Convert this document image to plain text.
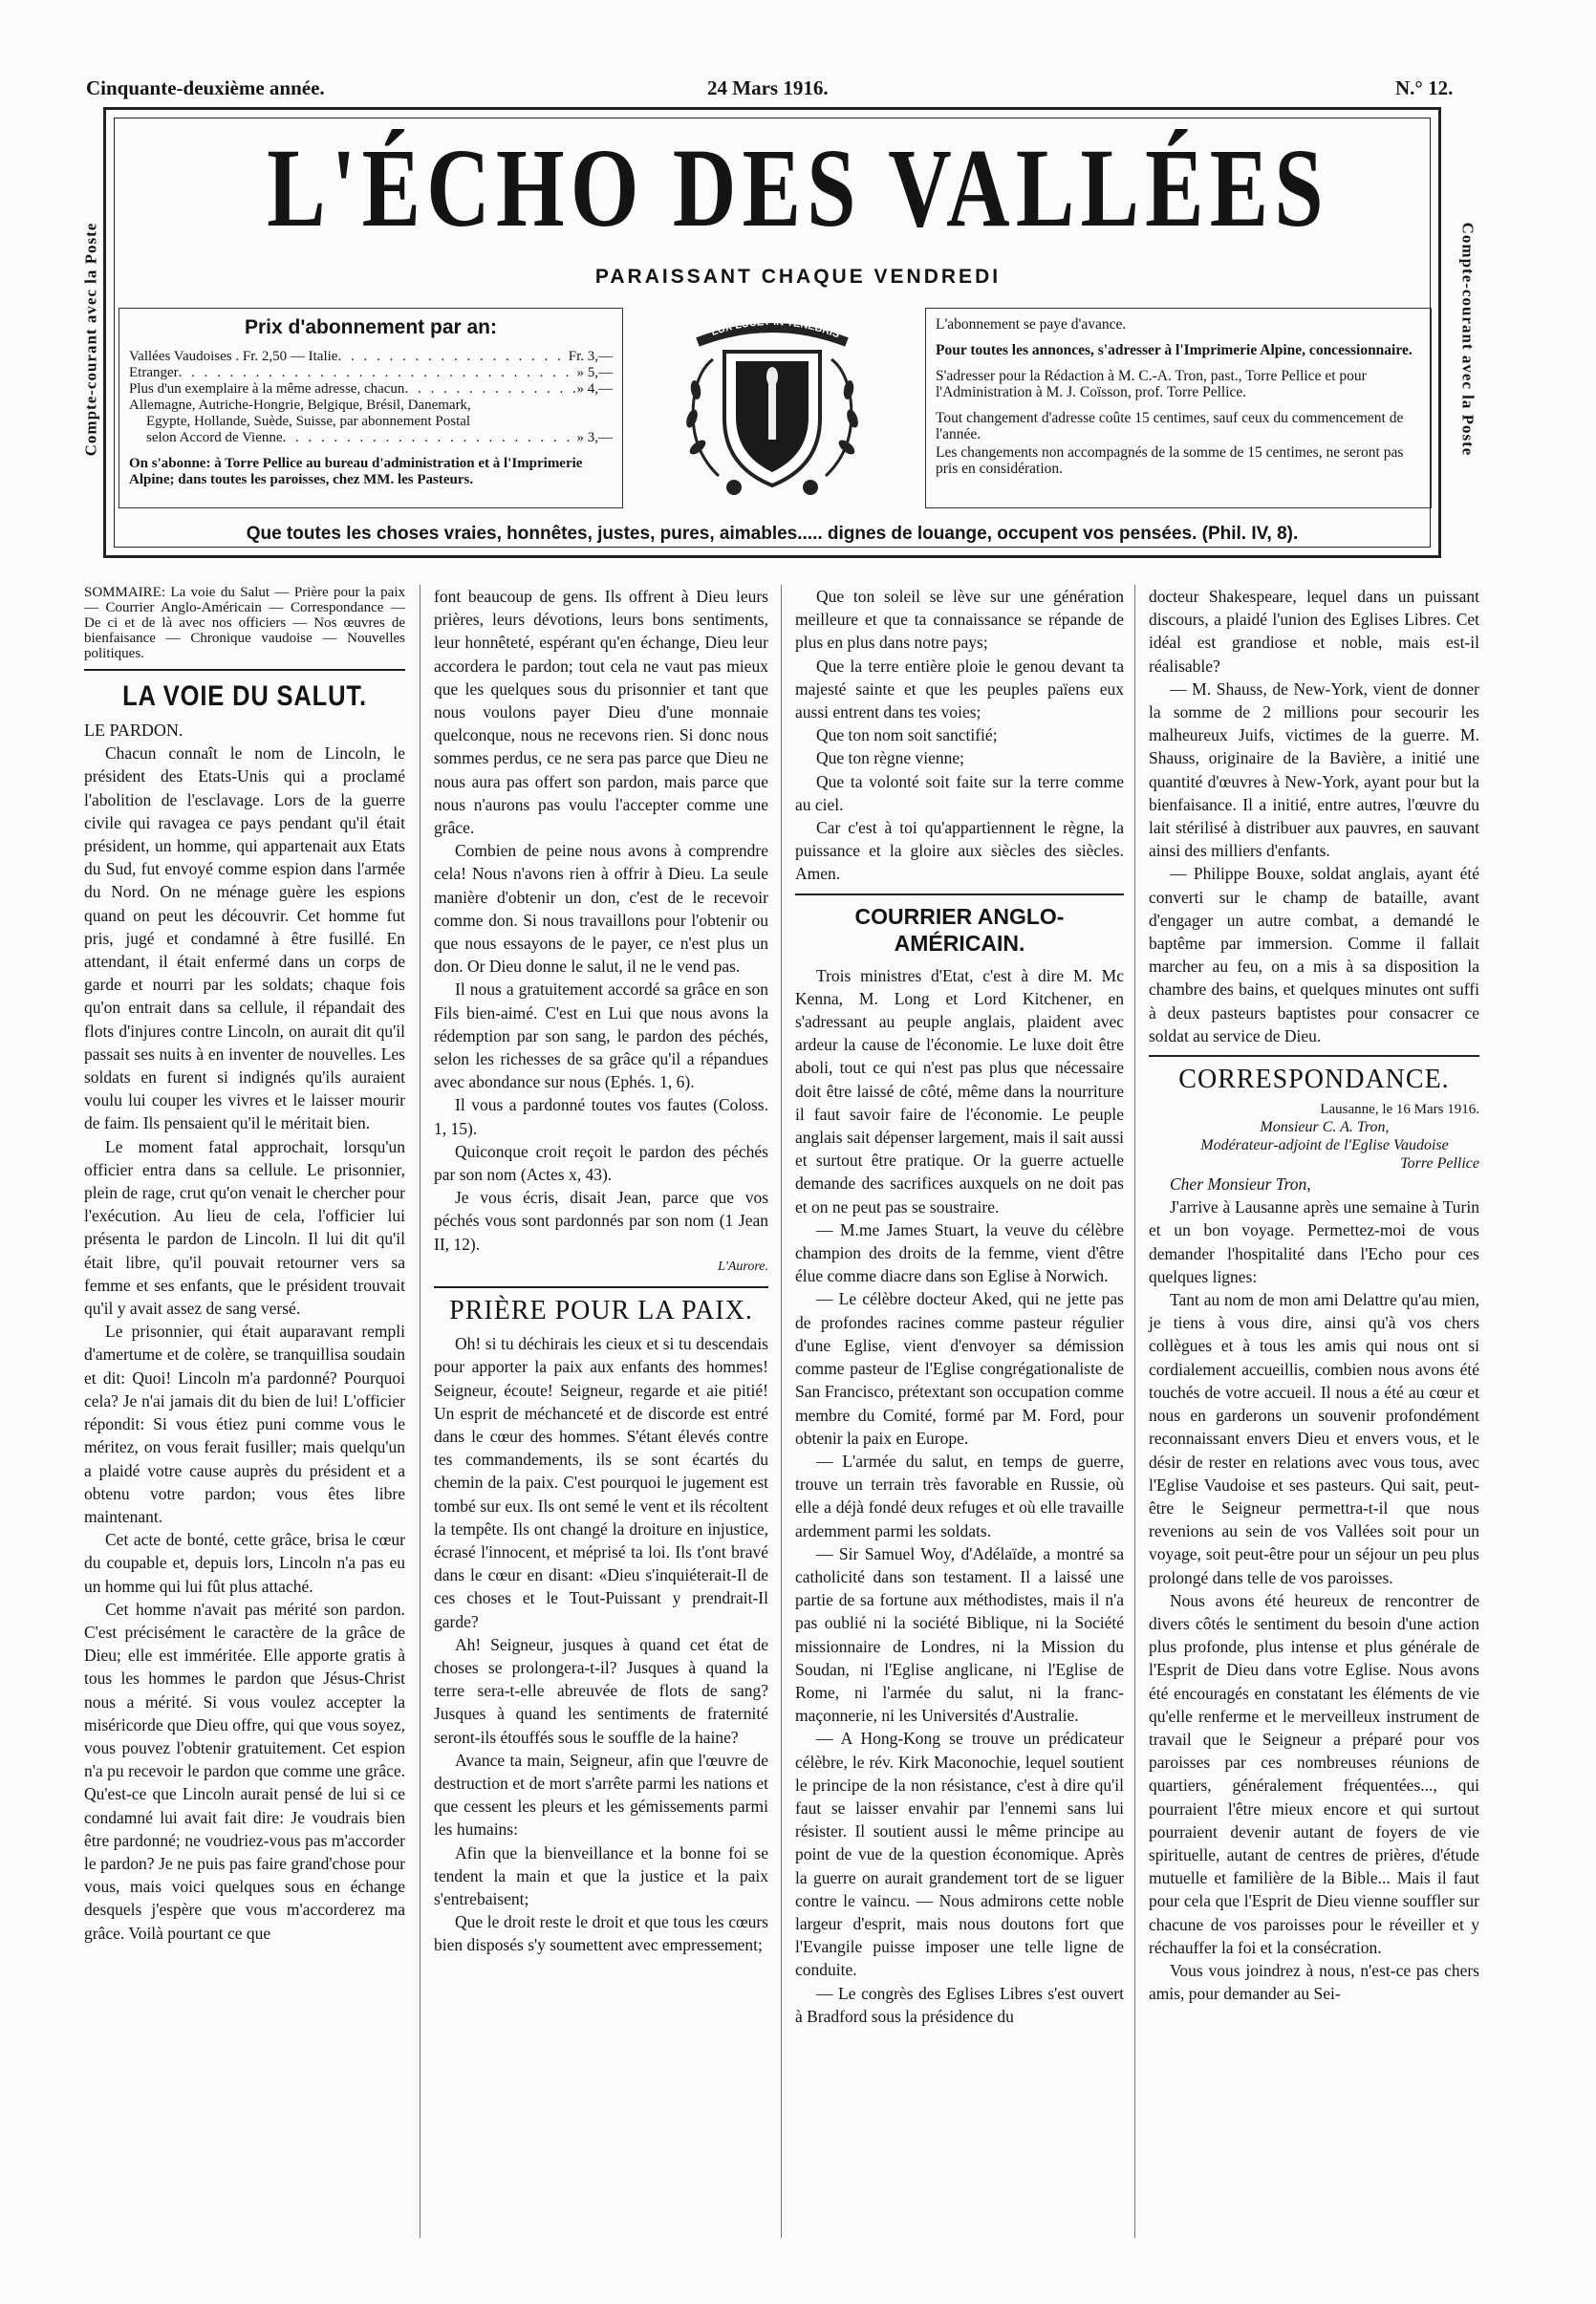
Cinquante-deuxième année.	24 Mars 1916.	N.° 12.
Compte-courant avec la Poste	Compte-courant avec la Poste
L'ÉCHO DES VALLÉES
PARAISSANT CHAQUE VENDREDI
Prix d'abonnement par an:
Vallées Vaudoises . Fr. 2,50 — Italie . . .	Fr. 3,—
Etranger . . .	» 5,—
Plus d'un exemplaire à la même adresse, chacun . . .	» 4,—
Allemagne, Autriche-Hongrie, Belgique, Brésil, Danemark,
Egypte, Hollande, Suède, Suisse, par abonnement Postal
selon Accord de Vienne . . .	» 3,—
On s'abonne: à Torre Pellice au bureau d'administration et à l'Imprimerie Alpine; dans toutes les paroisses, chez MM. les Pasteurs.
LUX LUCET IN TENEBRIS

L'abonnement se paye d'avance.

Pour toutes les annonces, s'adresser à l'Imprimerie Alpine, concessionnaire.

S'adresser pour la Rédaction à M. C.-A. Tron, past., Torre Pellice et pour l'Administration à M. J. Coïsson, prof. Torre Pellice.

Tout changement d'adresse coûte 15 centimes, sauf ceux du commencement de l'année.

Les changements non accompagnés de la somme de 15 centimes, ne seront pas pris en considération.

Que toutes les choses vraies, honnêtes, justes, pures, aimables..... dignes de louange, occupent vos pensées. (Phil. IV, 8).

SOMMAIRE: La voie du Salut — Prière pour la paix — Courrier Anglo-Américain — Correspondance — De ci et de là avec nos officiers — Nos œuvres de bienfaisance — Chronique vaudoise — Nouvelles politiques.

LA VOIE DU SALUT.

LE PARDON.

Chacun connaît le nom de Lincoln, le président des Etats-Unis qui a proclamé l'abolition de l'esclavage. Lors de la guerre civile qui ravagea ce pays pendant qu'il était président, un homme, qui appartenait aux Etats du Sud, fut envoyé comme espion dans l'armée du Nord. On ne ménage guère les espions quand on peut les découvrir. Cet homme fut pris, jugé et condamné à être fusillé. En attendant, il était enfermé dans un corps de garde et nourri par les soldats; chaque fois qu'on entrait dans sa cellule, il répandait des flots d'injures contre Lincoln, on aurait dit qu'il passait ses nuits à en inventer de nouvelles. Les soldats en furent si indignés qu'ils auraient voulu lui couper les vivres et le laisser mourir de faim. Ils pensaient qu'il le méritait bien.

Le moment fatal approchait, lorsqu'un officier entra dans sa cellule. Le prisonnier, plein de rage, crut qu'on venait le chercher pour l'exécution. Au lieu de cela, l'officier lui présenta le pardon de Lincoln. Il lui dit qu'il était libre, qu'il pouvait retourner vers sa femme et ses enfants, que le président trouvait qu'il y avait assez de sang versé.

Le prisonnier, qui était auparavant rempli d'amertume et de colère, se tranquillisa soudain et dit: Quoi! Lincoln m'a pardonné? Pourquoi cela? Je n'ai jamais dit du bien de lui! L'officier répondit: Si vous étiez puni comme vous le méritez, on vous ferait fusiller; mais quelqu'un a plaidé votre cause auprès du président et a obtenu votre pardon; vous êtes libre maintenant.

Cet acte de bonté, cette grâce, brisa le cœur du coupable et, depuis lors, Lincoln n'a pas eu un homme qui lui fût plus attaché.

Cet homme n'avait pas mérité son pardon. C'est précisément le caractère de la grâce de Dieu; elle est imméritée. Elle apporte gratis à tous les hommes le pardon que Jésus-Christ nous a mérité. Si vous voulez accepter la miséricorde que Dieu offre, qui que vous soyez, vous pouvez l'obtenir gratuitement. Cet espion n'a pu recevoir le pardon que comme une grâce. Qu'est-ce que Lincoln aurait pensé de lui si ce condamné lui avait fait dire: Je voudrais bien être pardonné; ne voudriez-vous pas m'accorder le pardon? Je ne puis pas faire grand'chose pour vous, mais voici quelques sous en échange desquels j'espère que vous m'accorderez ma grâce. Voilà pourtant ce que

font beaucoup de gens. Ils offrent à Dieu leurs prières, leurs dévotions, leurs bons sentiments, leur honnêteté, espérant qu'en échange, Dieu leur accordera le pardon; tout cela ne vaut pas mieux que les quelques sous du prisonnier et tant que nous voulons payer Dieu d'une monnaie quelconque, nous ne recevons rien. Si donc nous sommes perdus, ce ne sera pas parce que Dieu ne nous aura pas offert son pardon, mais parce que nous n'aurons pas voulu l'accepter comme une grâce.

Combien de peine nous avons à comprendre cela! Nous n'avons rien à offrir à Dieu. La seule manière d'obtenir un don, c'est de le recevoir comme don. Si nous travaillons pour l'obtenir ou que nous essayons de le payer, ce n'est plus un don. Or Dieu donne le salut, il ne le vend pas.

Il nous a gratuitement accordé sa grâce en son Fils bien-aimé. C'est en Lui que nous avons la rédemption par son sang, le pardon des péchés, selon les richesses de sa grâce qu'il a répandues avec abondance sur nous (Ephés. 1, 6).

Il vous a pardonné toutes vos fautes (Coloss. 1, 15).

Quiconque croit reçoit le pardon des péchés par son nom (Actes x, 43).

Je vous écris, disait Jean, parce que vos péchés vous sont pardonnés par son nom (1 Jean II, 12).

L'Aurore.

PRIÈRE POUR LA PAIX.

Oh! si tu déchirais les cieux et si tu descendais pour apporter la paix aux enfants des hommes! Seigneur, écoute! Seigneur, regarde et aie pitié! Un esprit de méchanceté et de discorde est entré dans le cœur des hommes. S'étant élevés contre tes commandements, ils se sont écartés du chemin de la paix. C'est pourquoi le jugement est tombé sur eux. Ils ont semé le vent et ils récoltent la tempête. Ils ont changé la droiture en injustice, écrasé l'innocent, et méprisé ta loi. Ils t'ont bravé dans le cœur en disant: «Dieu s'inquiéterait-Il de ces choses et le Tout-Puissant y prendrait-Il garde?

Ah! Seigneur, jusques à quand cet état de choses se prolongera-t-il? Jusques à quand la terre sera-t-elle abreuvée de flots de sang? Jusques à quand les sentiments de fraternité seront-ils étouffés sous le souffle de la haine?

Avance ta main, Seigneur, afin que l'œuvre de destruction et de mort s'arrête parmi les nations et que cessent les pleurs et les gémissements parmi les humains:

Afin que la bienveillance et la bonne foi se tendent la main et que la justice et la paix s'entrebaisent;

Que le droit reste le droit et que tous les cœurs bien disposés s'y soumettent avec empressement;

Que ton soleil se lève sur une génération meilleure et que ta connaissance se répande de plus en plus dans notre pays;

Que la terre entière ploie le genou devant ta majesté sainte et que les peuples païens eux aussi entrent dans tes voies;

Que ton nom soit sanctifié;

Que ton règne vienne;

Que ta volonté soit faite sur la terre comme au ciel.

Car c'est à toi qu'appartiennent le règne, la puissance et la gloire aux siècles des siècles. Amen.

COURRIER ANGLO-AMÉRICAIN.

Trois ministres d'Etat, c'est à dire M. Mc Kenna, M. Long et Lord Kitchener, en s'adressant au peuple anglais, plaident avec ardeur la cause de l'économie. Le luxe doit être aboli, tout ce qui n'est pas plus que nécessaire doit être laissé de côté, même dans la nourriture il faut savoir faire de l'économie. Le peuple anglais sait dépenser largement, mais il sait aussi et surtout être pratique. Or la guerre actuelle demande des sacrifices auxquels on ne doit pas et on ne peut pas se soustraire.

— M.me James Stuart, la veuve du célèbre champion des droits de la femme, vient d'être élue comme diacre dans son Eglise à Norwich.

— Le célèbre docteur Aked, qui ne jette pas de profondes racines comme pasteur régulier d'une Eglise, vient d'envoyer sa démission comme pasteur de l'Eglise congrégationaliste de San Francisco, prétextant son occupation comme membre du Comité, formé par M. Ford, pour obtenir la paix en Europe.

— L'armée du salut, en temps de guerre, trouve un terrain très favorable en Russie, où elle a déjà fondé deux refuges et où elle travaille ardemment parmi les soldats.

— Sir Samuel Woy, d'Adélaïde, a montré sa catholicité dans son testament. Il a laissé une partie de sa fortune aux méthodistes, mais il n'a pas oublié ni la société Biblique, ni la Société missionnaire de Londres, ni la Mission du Soudan, ni l'Eglise anglicane, ni l'Eglise de Rome, ni l'armée du salut, ni la franc-maçonnerie, ni les Universités d'Australie.

— A Hong-Kong se trouve un prédicateur célèbre, le rév. Kirk Maconochie, lequel soutient le principe de la non résistance, c'est à dire qu'il faut se laisser envahir par l'ennemi sans lui résister. Il soutient aussi le même principe au point de vue de la question économique. Après la guerre on aurait grandement tort de se liguer contre le vaincu. — Nous admirons cette noble largeur d'esprit, mais nous doutons fort que l'Evangile puisse imposer une telle ligne de conduite.

— Le congrès des Eglises Libres s'est ouvert à Bradford sous la présidence du

docteur Shakespeare, lequel dans un puissant discours, a plaidé l'union des Eglises Libres. Cet idéal est grandiose et noble, mais est-il réalisable?

— M. Shauss, de New-York, vient de donner la somme de 2 millions pour secourir les malheureux Juifs, victimes de la guerre. M. Shauss, originaire de la Bavière, a initié une quantité d'œuvres à New-York, ayant pour but la bienfaisance. Il a initié, entre autres, l'œuvre du lait stérilisé à distribuer aux pauvres, en sauvant ainsi des milliers d'enfants.

— Philippe Bouxe, soldat anglais, ayant été converti sur le champ de bataille, avant d'engager un autre combat, a demandé le baptême par immersion. Comme il fallait marcher au feu, on a mis à sa disposition la chambre des bains, et quelques minutes ont suffi à deux pasteurs baptistes pour consacrer ce soldat au service de Dieu.

CORRESPONDANCE.

Lausanne, le 16 Mars 1916.

Monsieur C. A. Tron,

Modérateur-adjoint de l'Eglise Vaudoise

Torre Pellice

Cher Monsieur Tron,

J'arrive à Lausanne après une semaine à Turin et un bon voyage. Permettez-moi de vous demander l'hospitalité dans l'Echo pour ces quelques lignes:

Tant au nom de mon ami Delattre qu'au mien, je tiens à vous dire, ainsi qu'à vos chers collègues et à tous les amis qui nous ont si cordialement accueillis, combien nous avons été touchés de votre accueil. Il nous a été au cœur et nous en garderons un souvenir profondément reconnaissant envers Dieu et envers vous, et le désir de rester en relations avec vous tous, avec l'Eglise Vaudoise et ses pasteurs. Qui sait, peut-être le Seigneur permettra-t-il que nous revenions au sein de vos Vallées soit pour un voyage, soit peut-être pour un séjour un peu plus prolongé dans telle de vos paroisses.

Nous avons été heureux de rencontrer de divers côtés le sentiment du besoin d'une action plus profonde, plus intense et plus générale de l'Esprit de Dieu dans votre Eglise. Nous avons été encouragés en constatant les éléments de vie qu'elle renferme et le merveilleux instrument de travail que le Seigneur a préparé pour vos paroisses par ces nombreuses réunions de quartiers, généralement fréquentées..., qui pourraient l'être mieux encore et qui surtout pourraient devenir autant de foyers de vie spirituelle, autant de centres de prières, d'étude mutuelle et familière de la Bible... Mais il faut pour cela que l'Esprit de Dieu vienne souffler sur chacune de vos paroisses pour le réveiller et y réchauffer la foi et la consécration.

Vous vous joindrez à nous, n'est-ce pas chers amis, pour demander au Sei-
